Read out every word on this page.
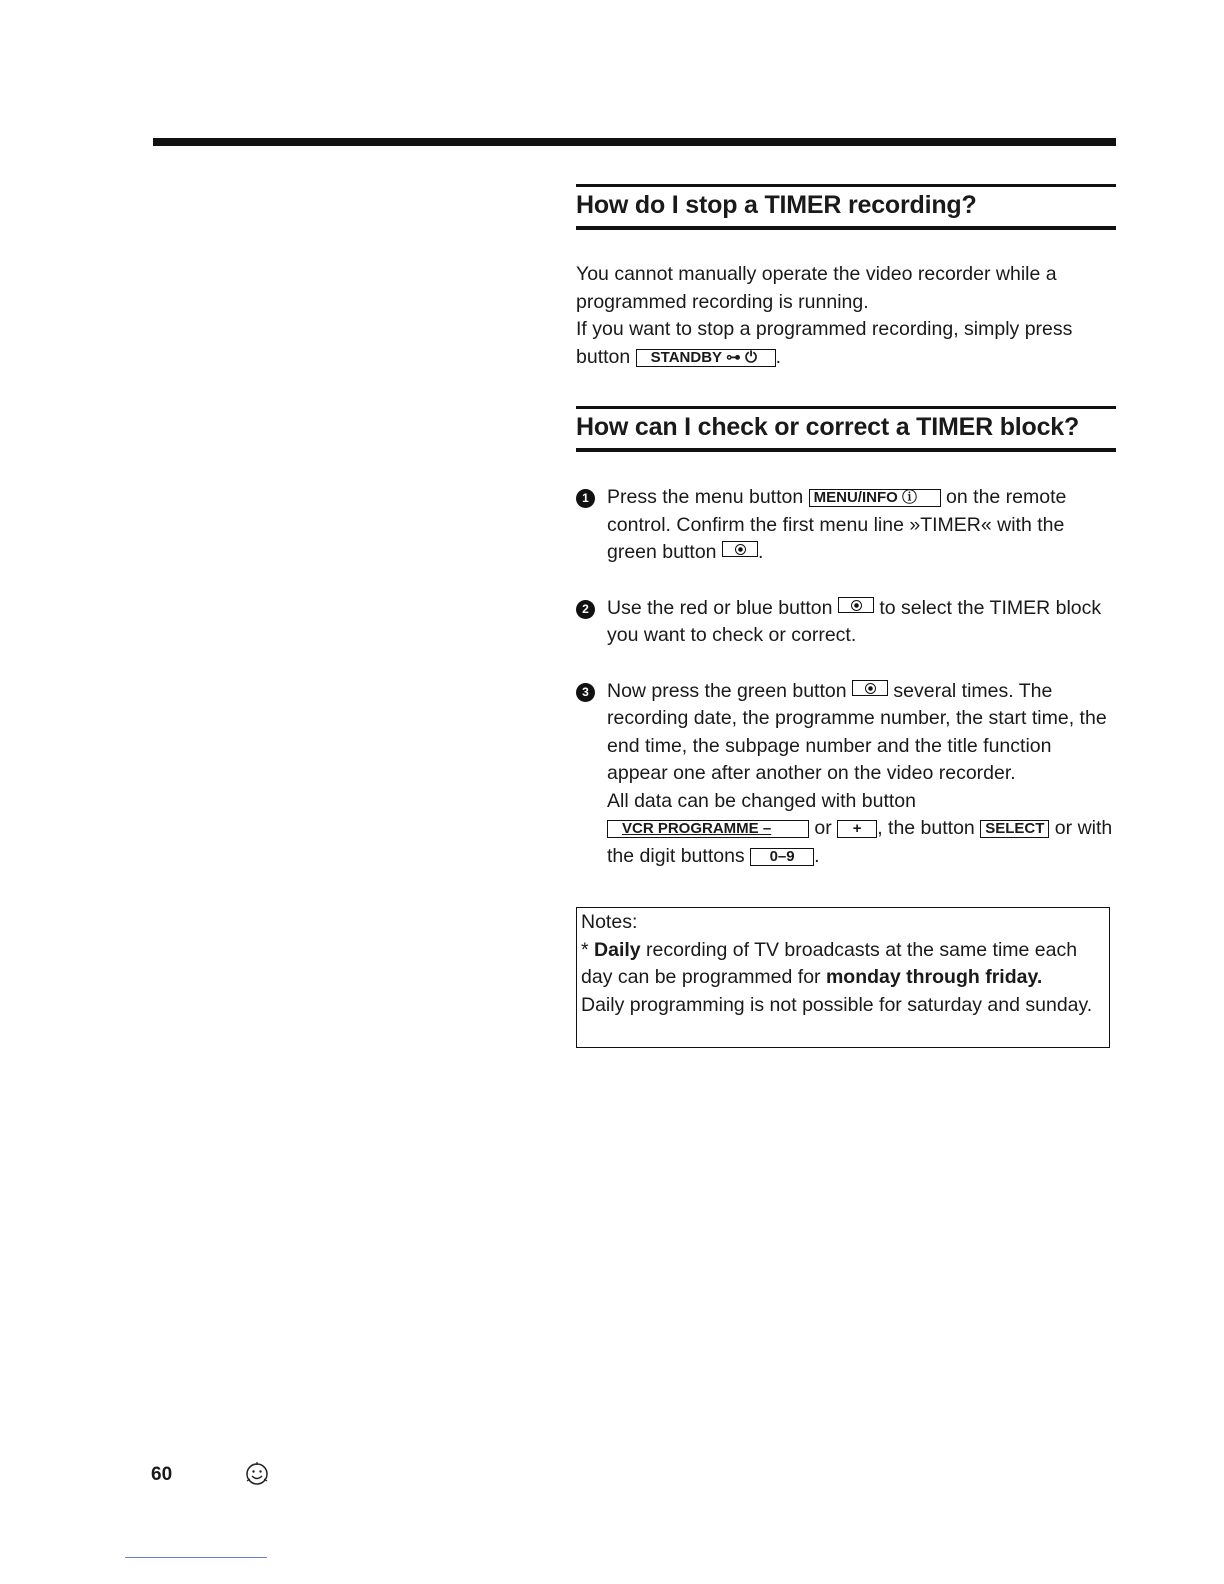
How do I stop a TIMER recording?

You cannot manually operate the video recorder while a
programmed recording is running.
If you want to stop a programmed recording, simply press
button STANDBY ⊶ ⏻ .

How can I check or correct a TIMER block?

1 Press the menu button MENU/INFO ⓘ on the remote control. Confirm the first menu line »TIMER« with the green button .

2 Use the red or blue button to select the TIMER block you want to check or correct.

3 Now press the green button several times. The recording date, the programme number, the start time, the end time, the subpage number and the title function appear one after another on the video recorder.
All data can be changed with button
VCR PROGRAMME – or + , the button SELECT or with the digit buttons 0–9 .

Notes:
* Daily recording of TV broadcasts at the same time each day can be programmed for monday through friday.
Daily programming is not possible for saturday and sunday.
60
